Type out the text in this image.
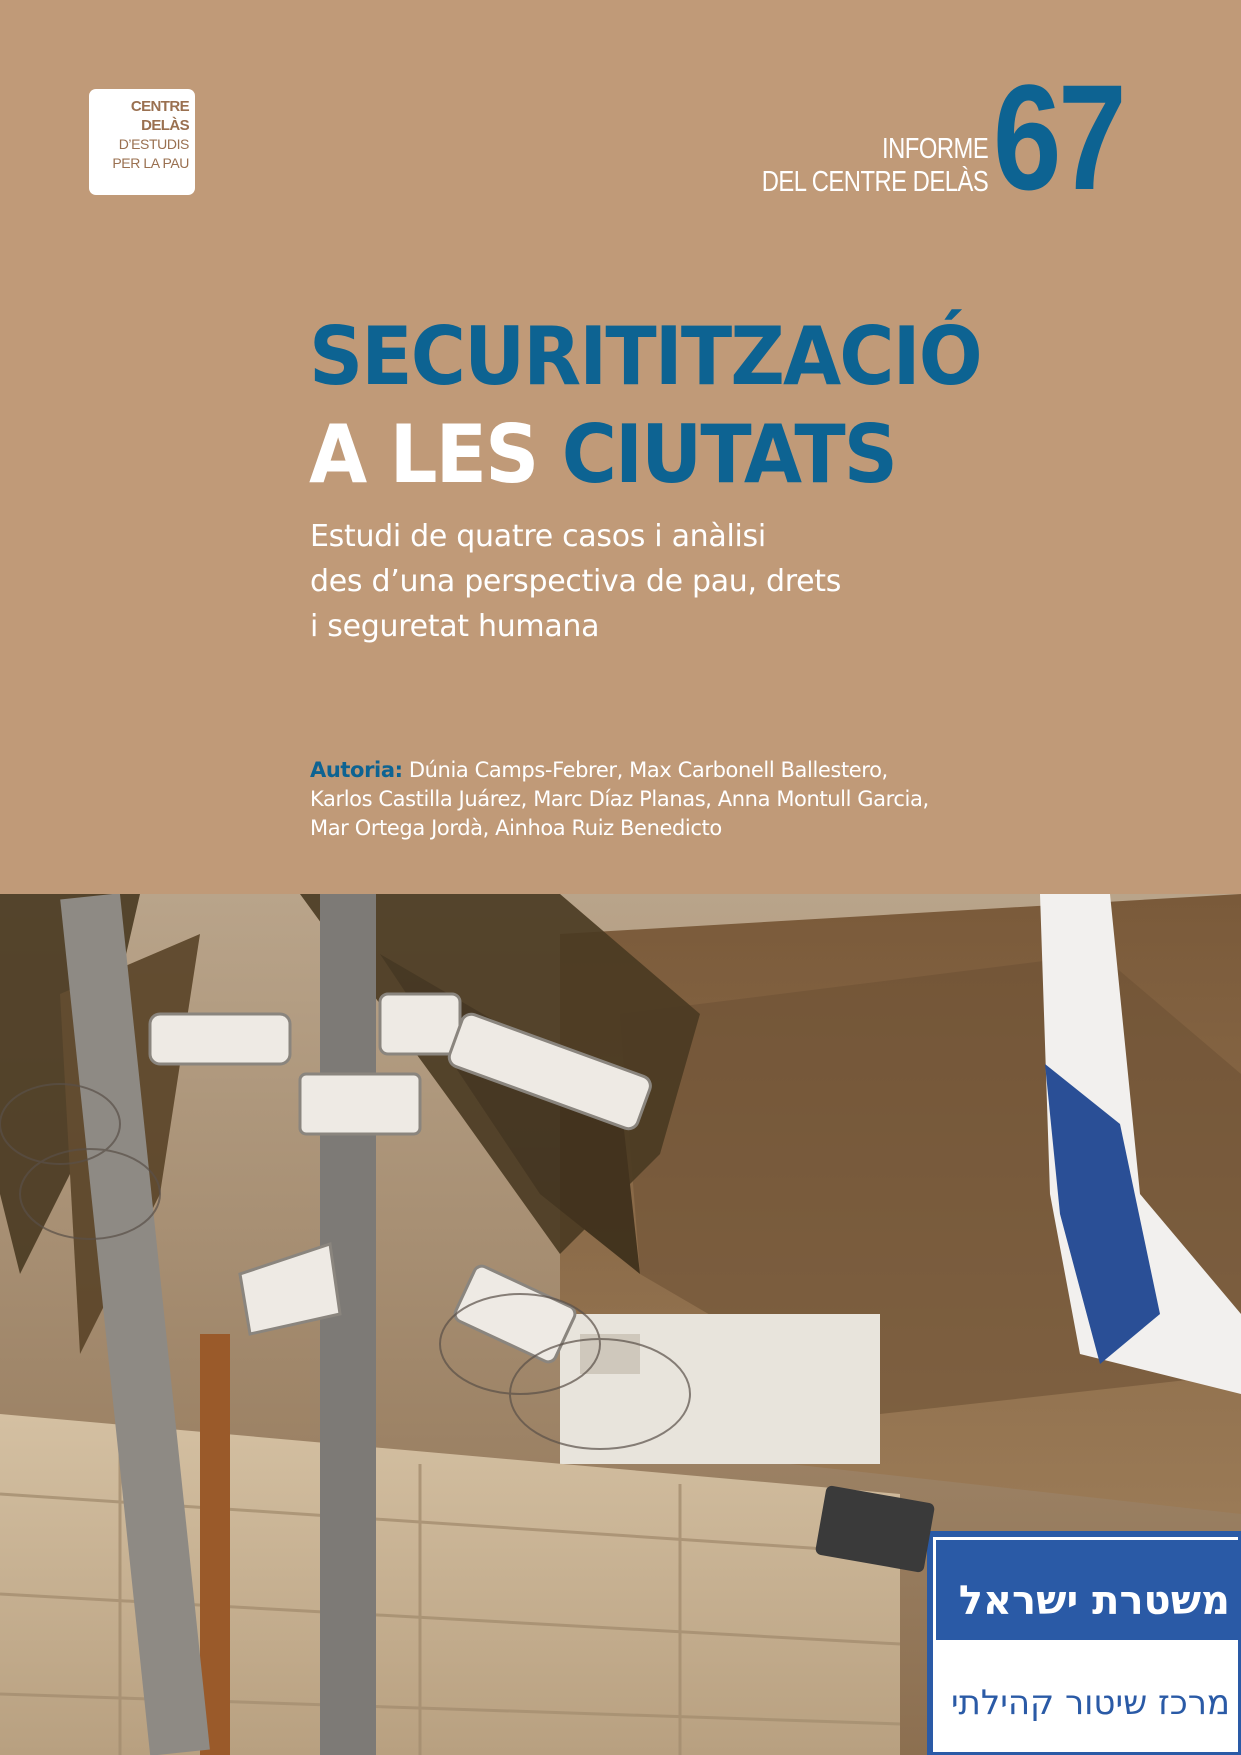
CENTRE DELÀS
D’ESTUDIS
PER LA PAU	INFORME
DEL CENTRE DELÀS 67
SECURITITZACIÓ
A LES CIUTATS
Estudi de quatre casos i anàlisi
des d’una perspectiva de pau, drets
i seguretat humana
Autoria: Dúnia Camps-Febrer, Max Carbonell Ballestero,
Karlos Castilla Juárez, Marc Díaz Planas, Anna Montull Garcia,
Mar Ortega Jordà, Ainhoa Ruiz Benedicto
משטרת ישראל
מרכז שיטור קהילתי
